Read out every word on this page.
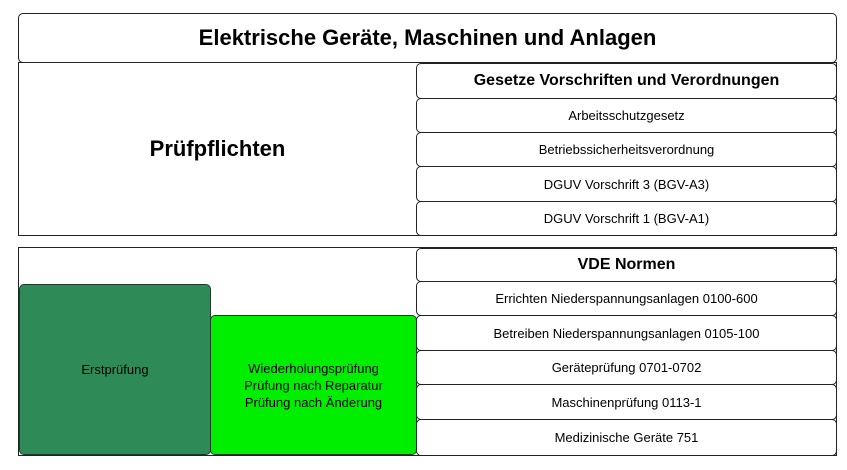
Elektrische Geräte, Maschinen und Anlagen
Prüfpflichten
Gesetze Vorschriften und Verordnungen
Arbeitsschutzgesetz
Betriebssicherheitsverordnung
DGUV Vorschrift 3 (BGV-A3)
DGUV Vorschrift 1 (BGV-A1)
VDE Normen
Errichten Niederspannungsanlagen 0100-600
Betreiben Niederspannungsanlagen 0105-100
Geräteprüfung 0701-0702
Maschinenprüfung 0113-1
Medizinische Geräte 751
Erstprüfung	Wiederholungsprüfung
Prüfung nach Reparatur
Prüfung nach Änderung
